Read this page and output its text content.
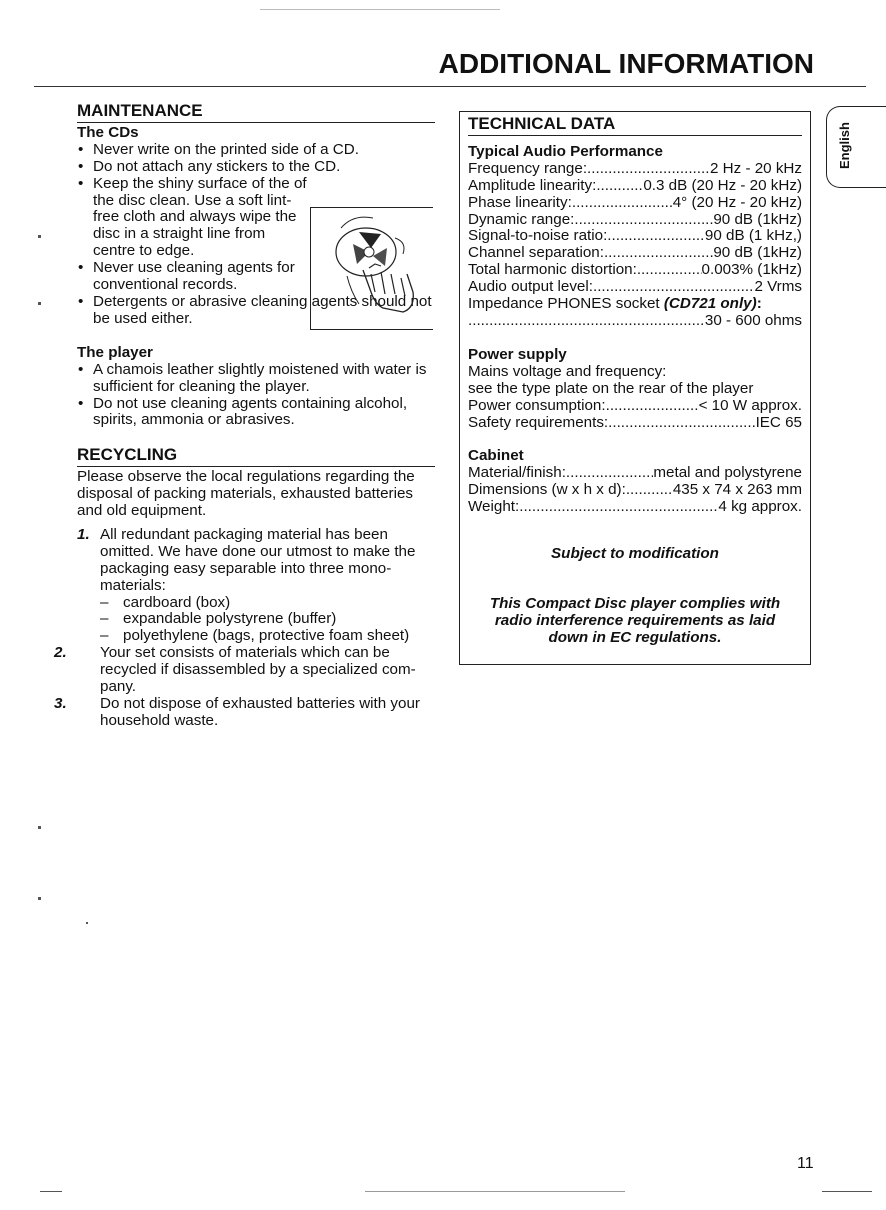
ADDITIONAL INFORMATION
English
MAINTENANCE
The CDs
• Never write on the printed side of a CD.
• Do not attach any stickers to the CD.
• Keep the shiny surface of the of the disc clean. Use a soft lint-free cloth and always wipe the disc in a straight line from centre to edge.
• Never use cleaning agents for conventional records.
• Detergents or abrasive cleaning agents should not be used either.
The player
• A chamois leather slightly moistened with water is sufficient for cleaning the player.
• Do not use cleaning agents containing alcohol, spirits, ammonia or abrasives.
RECYCLING
Please observe the local regulations regarding the disposal of packing materials, exhausted batteries and old equipment.
1. All redundant packaging material has been omitted. We have done our utmost to make the packaging easy separable into three mono-materials:
– cardboard (box)
– expandable polystyrene (buffer)
– polyethylene (bags, protective foam sheet)
2.	Your set consists of materials which can be recycled if disassembled by a specialized com-pany.
3.	Do not dispose of exhausted batteries with your household waste.
TECHNICAL DATA
Typical Audio Performance
Frequency range: .....	2 Hz - 20 kHz
Amplitude linearity: .....	0.3 dB (20 Hz - 20 kHz)
Phase linearity: .....	4° (20 Hz - 20 kHz)
Dynamic range: .....	90 dB (1kHz)
Signal-to-noise ratio: .....	90 dB (1 kHz,)
Channel separation: .....	90 dB (1kHz)
Total harmonic distortion: .....	0.003% (1kHz)
Audio output level: .....	2 Vrms
Impedance PHONES socket (CD721 only):
.....
30 - 600 ohms
Power supply
Mains voltage and frequency:
see the type plate on the rear of the player
Power consumption: .....	< 10 W approx.
Safety requirements: .....	IEC 65
Cabinet
Material/finish: .....	metal and polystyrene
Dimensions (w x h x d): .....	435 x 74 x 263 mm
Weight: .....	4 kg approx.
Subject to modification
This Compact Disc player complies with radio interference requirements as laid down in EC regulations.
11
